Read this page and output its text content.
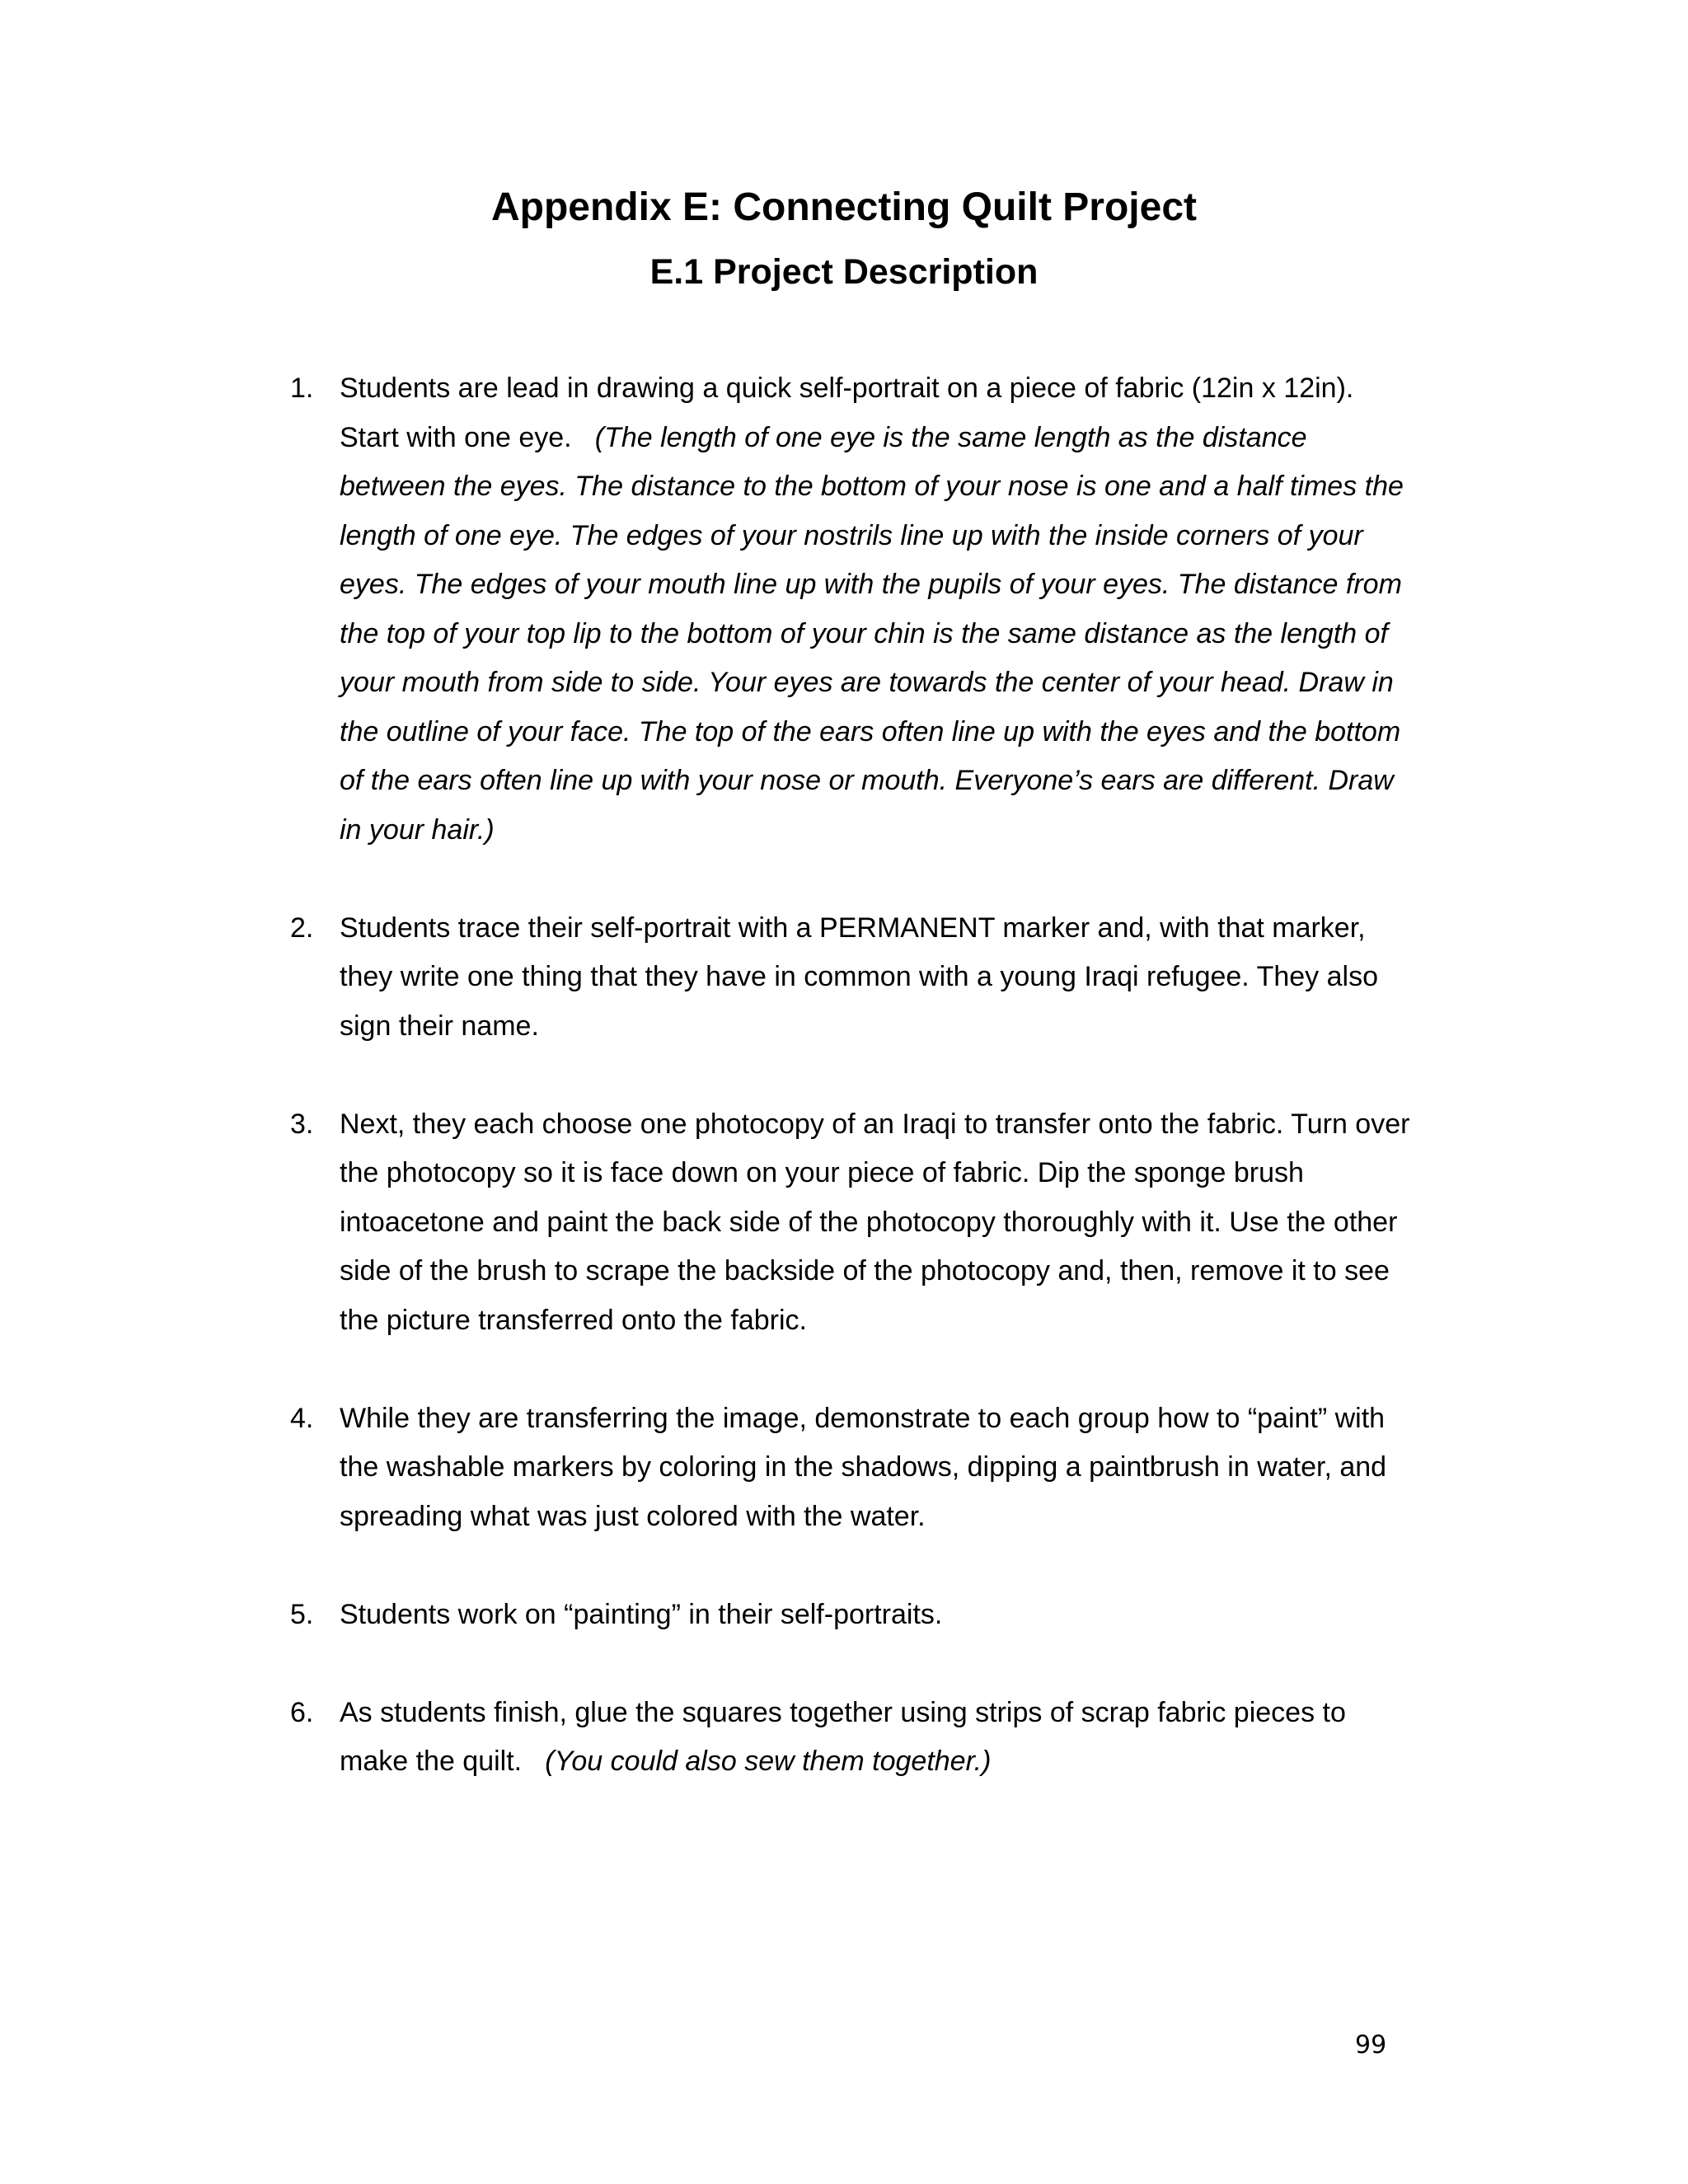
Appendix E: Connecting Quilt Project
E.1 Project Description
1. Students are lead in drawing a quick self-portrait on a piece of fabric (12in x 12in). Start with one eye. (The length of one eye is the same length as the distance between the eyes. The distance to the bottom of your nose is one and a half times the length of one eye. The edges of your nostrils line up with the inside corners of your eyes. The edges of your mouth line up with the pupils of your eyes. The distance from the top of your top lip to the bottom of your chin is the same distance as the length of your mouth from side to side. Your eyes are towards the center of your head. Draw in the outline of your face. The top of the ears often line up with the eyes and the bottom of the ears often line up with your nose or mouth. Everyone’s ears are different. Draw in your hair.)
2. Students trace their self-portrait with a PERMANENT marker and, with that marker, they write one thing that they have in common with a young Iraqi refugee. They also sign their name.
3. Next, they each choose one photocopy of an Iraqi to transfer onto the fabric. Turn over the photocopy so it is face down on your piece of fabric. Dip the sponge brush intoacetone and paint the back side of the photocopy thoroughly with it. Use the other side of the brush to scrape the backside of the photocopy and, then, remove it to see the picture transferred onto the fabric.
4. While they are transferring the image, demonstrate to each group how to “paint” with the washable markers by coloring in the shadows, dipping a paintbrush in water, and spreading what was just colored with the water.
5. Students work on “painting” in their self-portraits.
6. As students finish, glue the squares together using strips of scrap fabric pieces to make the quilt. (You could also sew them together.)
99
